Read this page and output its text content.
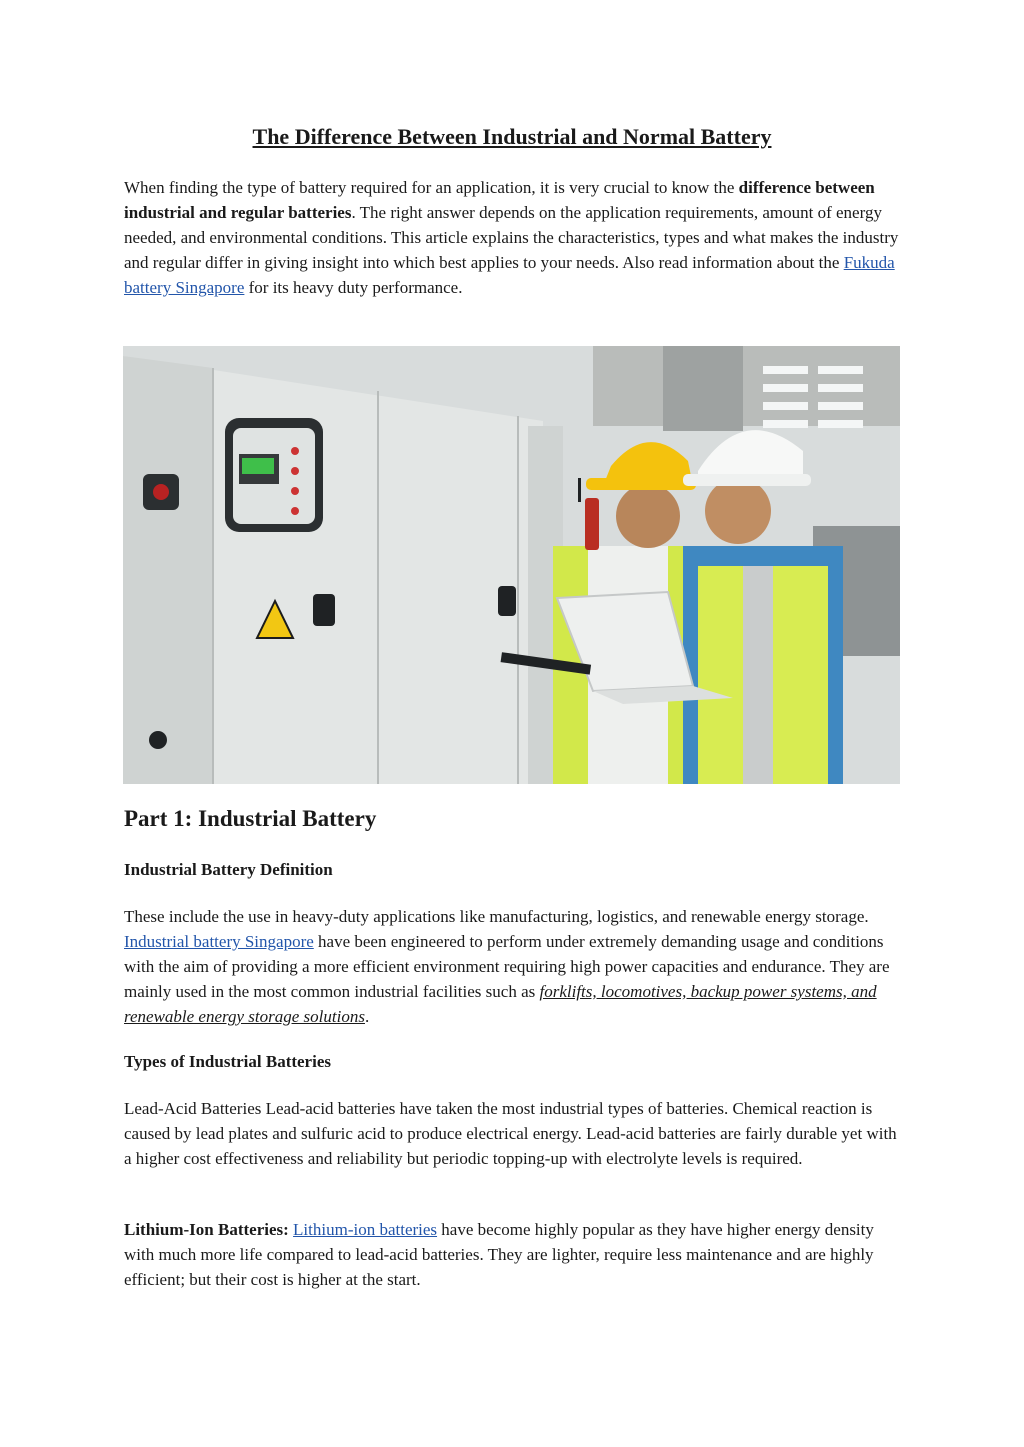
The Difference Between Industrial and Normal Battery

When finding the type of battery required for an application, it is very crucial to know the difference between industrial and regular batteries. The right answer depends on the application requirements, amount of energy needed, and environmental conditions. This article explains the characteristics, types and what makes the industry and regular differ in giving insight into which best applies to your needs. Also read information about the Fukuda battery Singapore for its heavy duty performance.

Part 1: Industrial Battery
Industrial Battery Definition

These include the use in heavy-duty applications like manufacturing, logistics, and renewable energy storage. Industrial battery Singapore have been engineered to perform under extremely demanding usage and conditions with the aim of providing a more efficient environment requiring high power capacities and endurance. They are mainly used in the most common industrial facilities such as forklifts, locomotives, backup power systems, and renewable energy storage solutions.

Types of Industrial Batteries

Lead-Acid Batteries Lead-acid batteries have taken the most industrial types of batteries. Chemical reaction is caused by lead plates and sulfuric acid to produce electrical energy. Lead-acid batteries are fairly durable yet with a higher cost effectiveness and reliability but periodic topping-up with electrolyte levels is required.

Lithium-Ion Batteries: Lithium-ion batteries have become highly popular as they have higher energy density with much more life compared to lead-acid batteries. They are lighter, require less maintenance and are highly efficient; but their cost is higher at the start.
